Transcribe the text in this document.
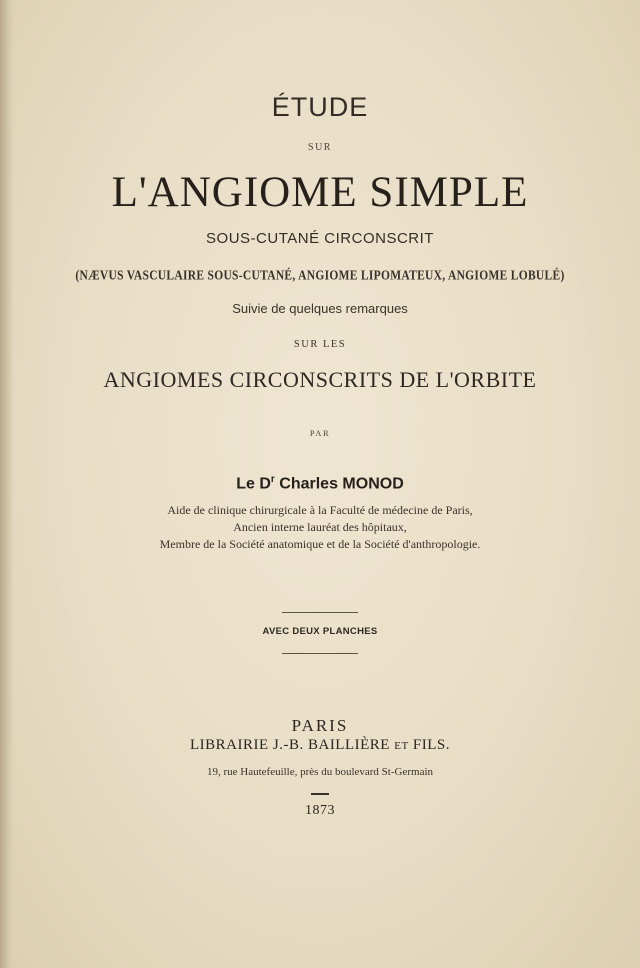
ÉTUDE
SUR
L'ANGIOME SIMPLE
SOUS-CUTANÉ CIRCONSCRIT
(NÆVUS VASCULAIRE SOUS-CUTANÉ, ANGIOME LIPOMATEUX, ANGIOME LOBULÉ)
Suivie de quelques remarques
SUR LES
ANGIOMES CIRCONSCRITS DE L'ORBITE
PAR
Le $D^r$ Charles MONOD
Aide de clinique chirurgicale à la Faculté de médecine de Paris,
Ancien interne lauréat des hôpitaux,
Membre de la Société anatomique et de la Société d'anthropologie.
AVEC DEUX PLANCHES
PARIS
LIBRAIRIE J.-B. BAILLIÈRE ET FILS.
19, rue Hautefeuille, près du boulevard St-Germain
1873
